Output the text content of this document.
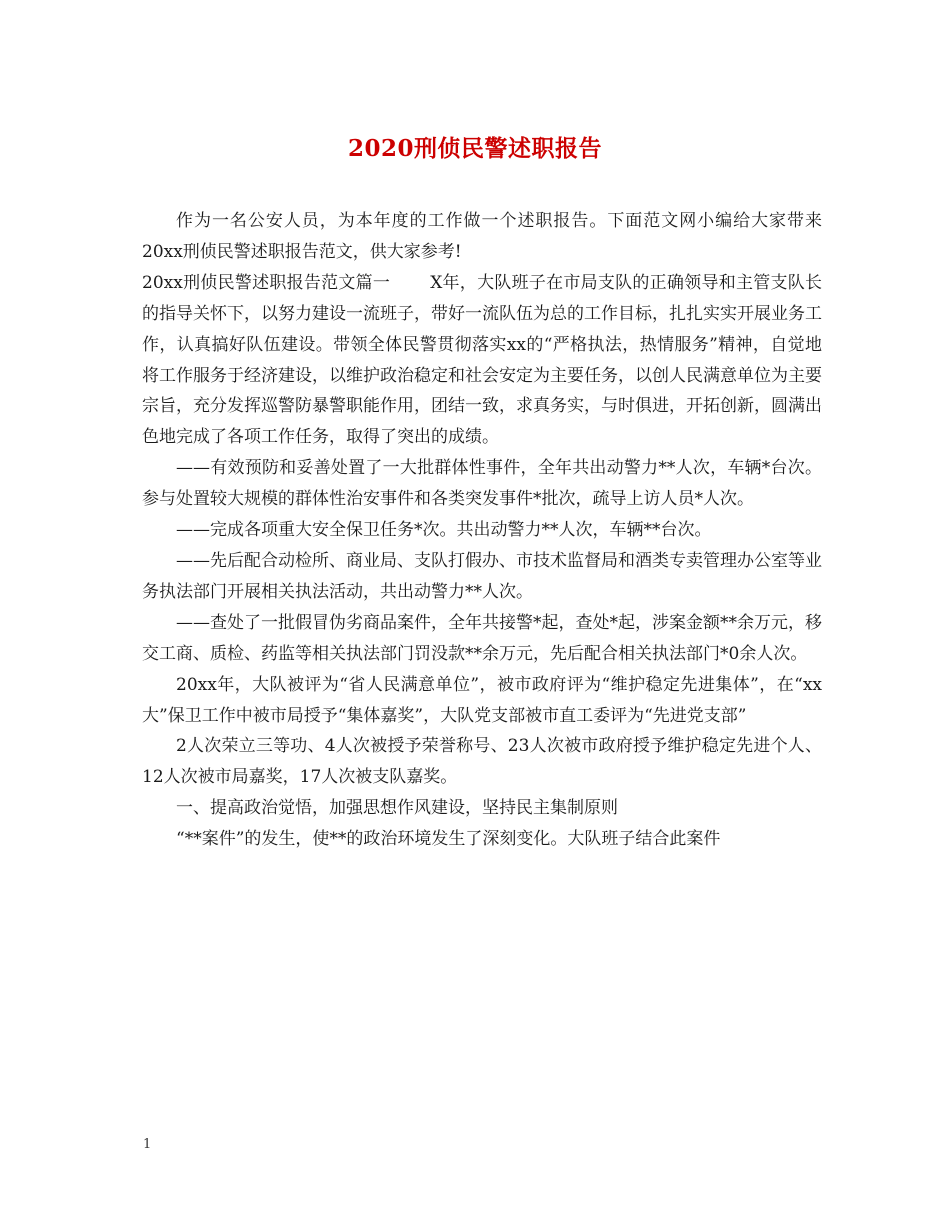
2020刑侦民警述职报告

作为一名公安人员，为本年度的工作做一个述职报告。下面范文网小编给大家带来20xx刑侦民警述职报告范文，供大家参考!

20xx刑侦民警述职报告范文篇一 X年，大队班子在市局支队的正确领导和主管支队长的指导关怀下，以努力建设一流班子，带好一流队伍为总的工作目标，扎扎实实开展业务工作，认真搞好队伍建设。带领全体民警贯彻落实xx的“严格执法，热情服务”精神，自觉地将工作服务于经济建设，以维护政治稳定和社会安定为主要任务，以创人民满意单位为主要宗旨，充分发挥巡警防暴警职能作用，团结一致，求真务实，与时俱进，开拓创新，圆满出色地完成了各项工作任务，取得了突出的成绩。

——有效预防和妥善处置了一大批群体性事件，全年共出动警力**人次，车辆*台次。参与处置较大规模的群体性治安事件和各类突发事件*批次，疏导上访人员*人次。

——完成各项重大安全保卫任务*次。共出动警力**人次，车辆**台次。

——先后配合动检所、商业局、支队打假办、市技术监督局和酒类专卖管理办公室等业务执法部门开展相关执法活动，共出动警力**人次。

——查处了一批假冒伪劣商品案件，全年共接警*起，查处*起，涉案金额**余万元，移交工商、质检、药监等相关执法部门罚没款**余万元，先后配合相关执法部门*0余人次。

20xx年，大队被评为“省人民满意单位”，被市政府评为“维护稳定先进集体”，在“xx大”保卫工作中被市局授予“集体嘉奖”，大队党支部被市直工委评为“先进党支部”

2人次荣立三等功、4人次被授予荣誉称号、23人次被市政府授予维护稳定先进个人、12人次被市局嘉奖，17人次被支队嘉奖。

一、提高政治觉悟，加强思想作风建设，坚持民主集制原则

“**案件”的发生，使**的政治环境发生了深刻变化。大队班子结合此案件

1
